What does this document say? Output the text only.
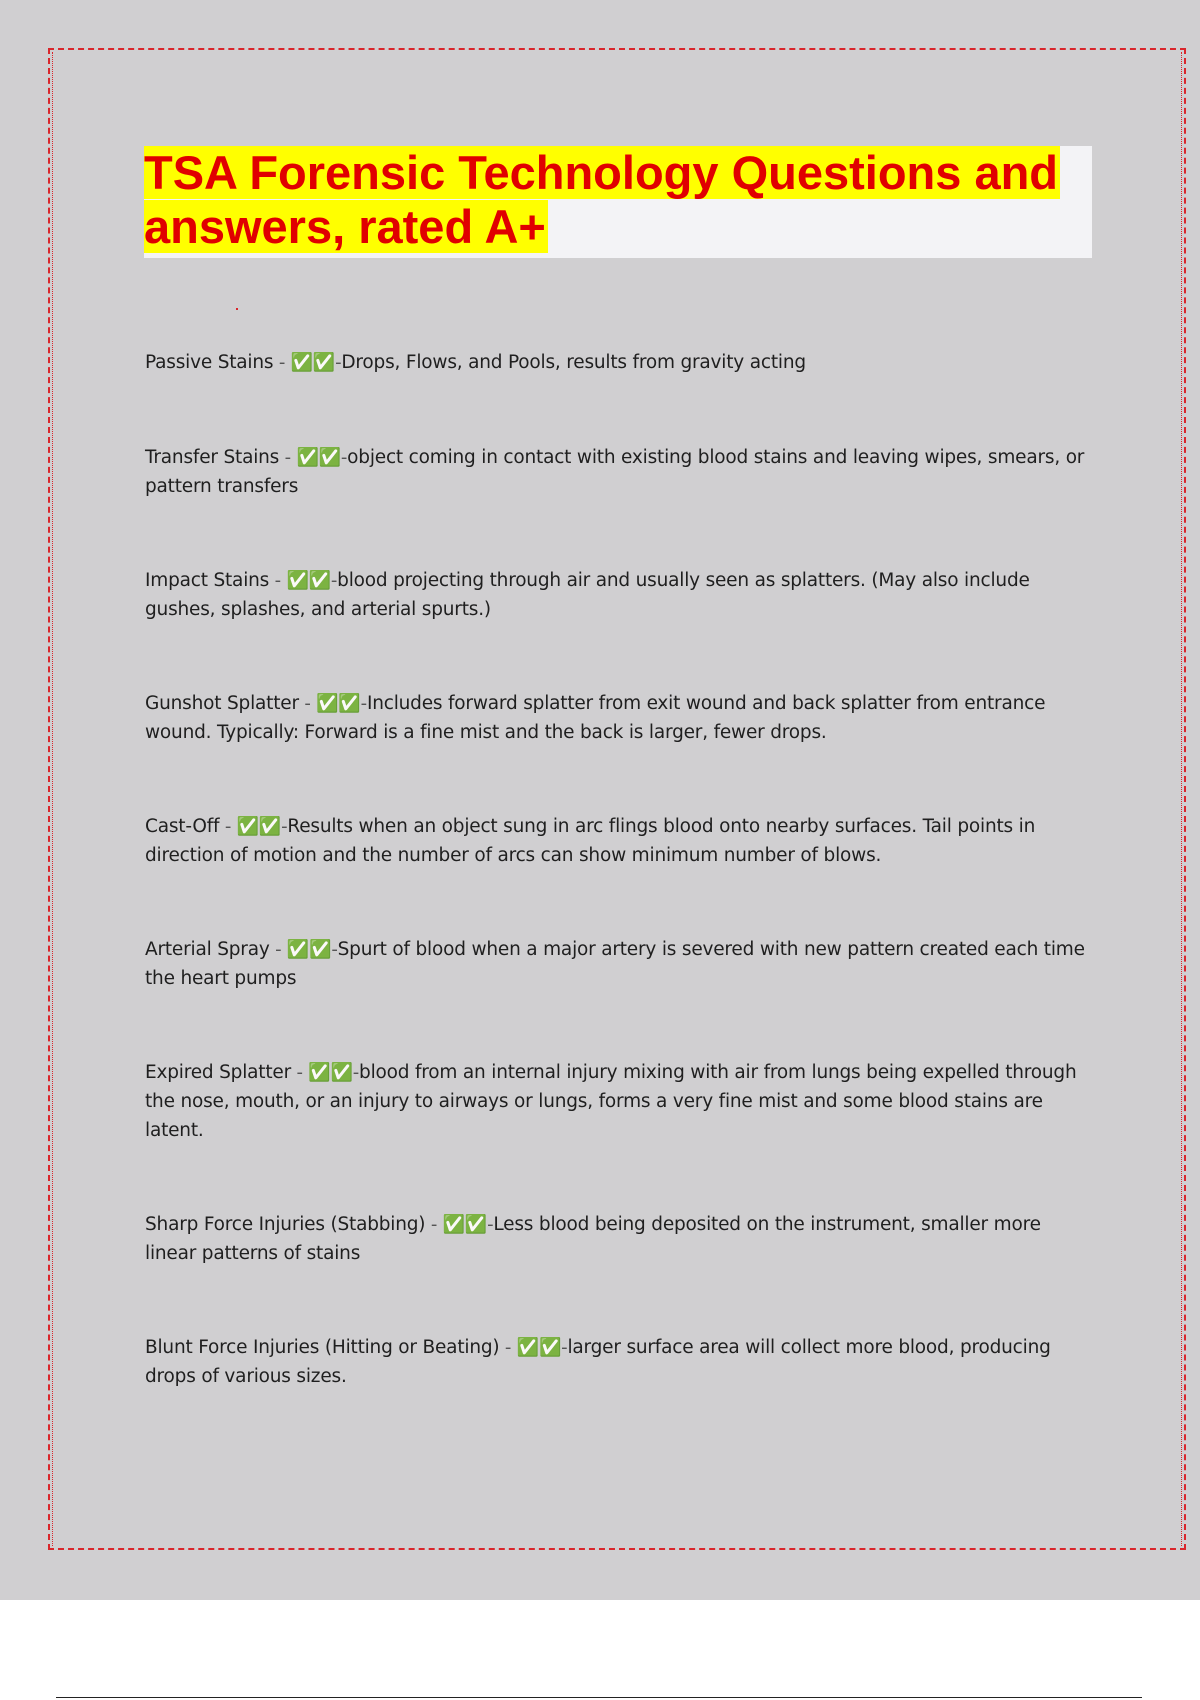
TSA Forensic Technology Questions and answers, rated A+
Passive Stains - ✅✅-Drops, Flows, and Pools, results from gravity acting
Transfer Stains - ✅✅-object coming in contact with existing blood stains and leaving wipes, smears, or pattern transfers
Impact Stains - ✅✅-blood projecting through air and usually seen as splatters. (May also include gushes, splashes, and arterial spurts.)
Gunshot Splatter - ✅✅-Includes forward splatter from exit wound and back splatter from entrance wound. Typically: Forward is a fine mist and the back is larger, fewer drops.
Cast-Off - ✅✅-Results when an object sung in arc flings blood onto nearby surfaces. Tail points in direction of motion and the number of arcs can show minimum number of blows.
Arterial Spray - ✅✅-Spurt of blood when a major artery is severed with new pattern created each time the heart pumps
Expired Splatter - ✅✅-blood from an internal injury mixing with air from lungs being expelled through the nose, mouth, or an injury to airways or lungs, forms a very fine mist and some blood stains are latent.
Sharp Force Injuries (Stabbing) - ✅✅-Less blood being deposited on the instrument, smaller more linear patterns of stains
Blunt Force Injuries (Hitting or Beating) - ✅✅-larger surface area will collect more blood, producing drops of various sizes.
